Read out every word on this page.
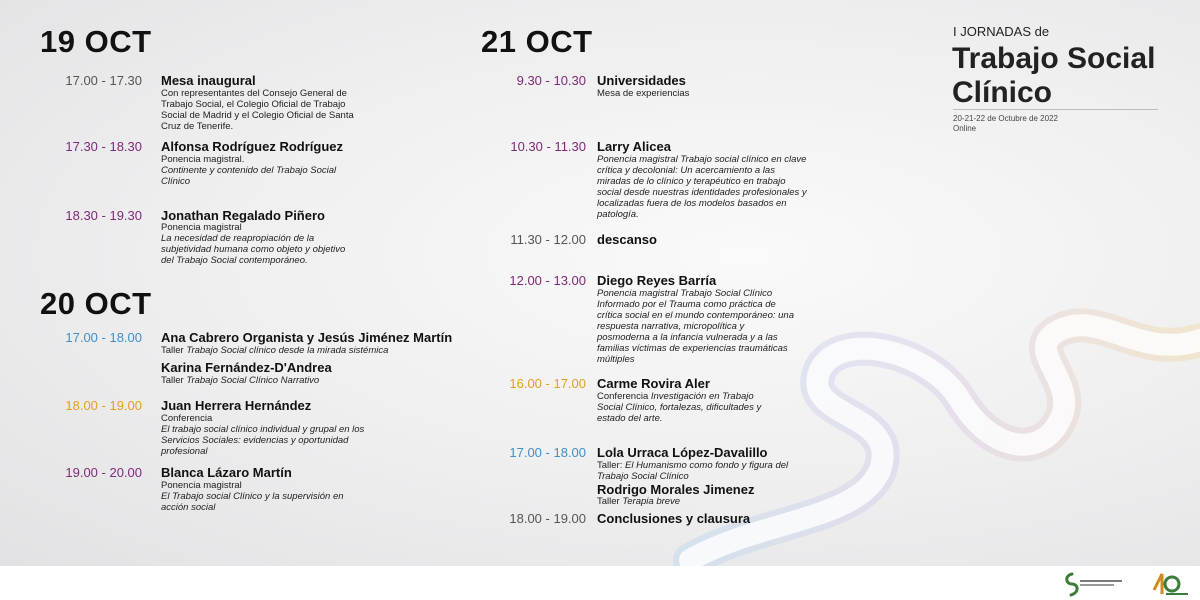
I JORNADAS de
Trabajo Social
Clínico
20-21-22 de Octubre de 2022
Online
19 OCT
17.00 - 17.30 Mesa inaugural
Con representantes del Consejo General de
Trabajo Social, el Colegio Oficial de Trabajo
Social de Madrid y el Colegio Oficial de Santa
Cruz de Tenerife.
17.30 - 18.30 Alfonsa Rodríguez Rodríguez
Ponencia magistral.
Continente y contenido del Trabajo Social
Clínico
18.30 - 19.30 Jonathan Regalado Piñero
Ponencia magistral
La necesidad de reapropiación de la
subjetividad humana como objeto y objetivo
del Trabajo Social contemporáneo.
20 OCT
17.00 - 18.00 Ana Cabrero Organista y Jesús Jiménez Martín
Taller Trabajo Social clínico desde la mirada sistémica
Karina Fernández-D'Andrea
Taller Trabajo Social Clínico Narrativo
18.00 - 19.00 Juan Herrera Hernández
Conferencia
El trabajo social clínico individual y grupal en los
Servicios Sociales: evidencias y oportunidad
profesional
19.00 - 20.00 Blanca Lázaro Martín
Ponencia magistral
El Trabajo social Clínico y la supervisión en
acción social
21 OCT
9.30 - 10.30 Universidades
Mesa de experiencias
10.30 - 11.30 Larry Alicea
Ponencia magistral Trabajo social clínico en clave
crítica y decolonial: Un acercamiento a las
miradas de lo clínico y terapéutico en trabajo
social desde nuestras identidades profesionales y
localizadas fuera de los modelos basados en
patología.
11.30 - 12.00 descanso
12.00 - 13.00 Diego Reyes Barría
Ponencia magistral Trabajo Social Clínico
Informado por el Trauma como práctica de
crítica social en el mundo contemporáneo: una
respuesta narrativa, micropolítica y
posmoderna a la infancia vulnerada y a las
familias víctimas de experiencias traumáticas
múltiples
16.00 - 17.00 Carme Rovira Aler
Conferencia Investigación en Trabajo
Social Clínico, fortalezas, dificultades y
estado del arte.
17.00 - 18.00 Lola Urraca López-Davalillo
Taller: El Humanismo como fondo y figura del
Trabajo Social Clínico
Rodrigo Morales Jimenez
Taller Terapia breve
18.00 - 19.00 Conclusiones y clausura
